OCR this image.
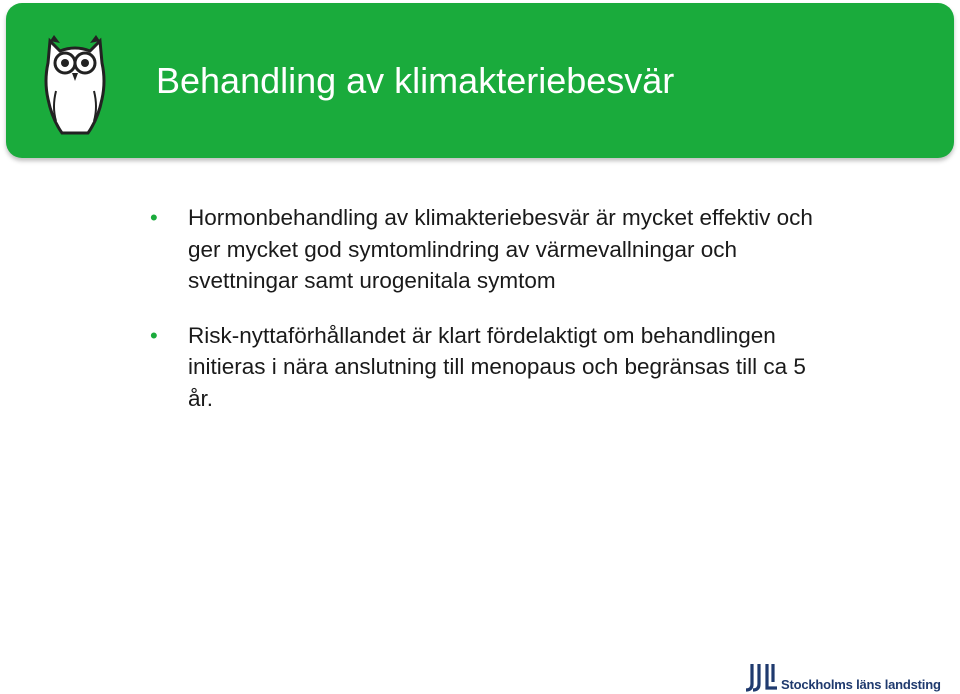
Behandling av klimakteriebesvär
• Hormonbehandling av klimakteriebesvär är mycket effektiv och ger mycket god symtomlindring av värmevallningar och svettningar samt urogenitala symtom
• Risk-nyttaförhållandet är klart fördelaktigt om behandlingen initieras i nära anslutning till menopaus och begränsas till ca 5 år.
Stockholms läns landsting
